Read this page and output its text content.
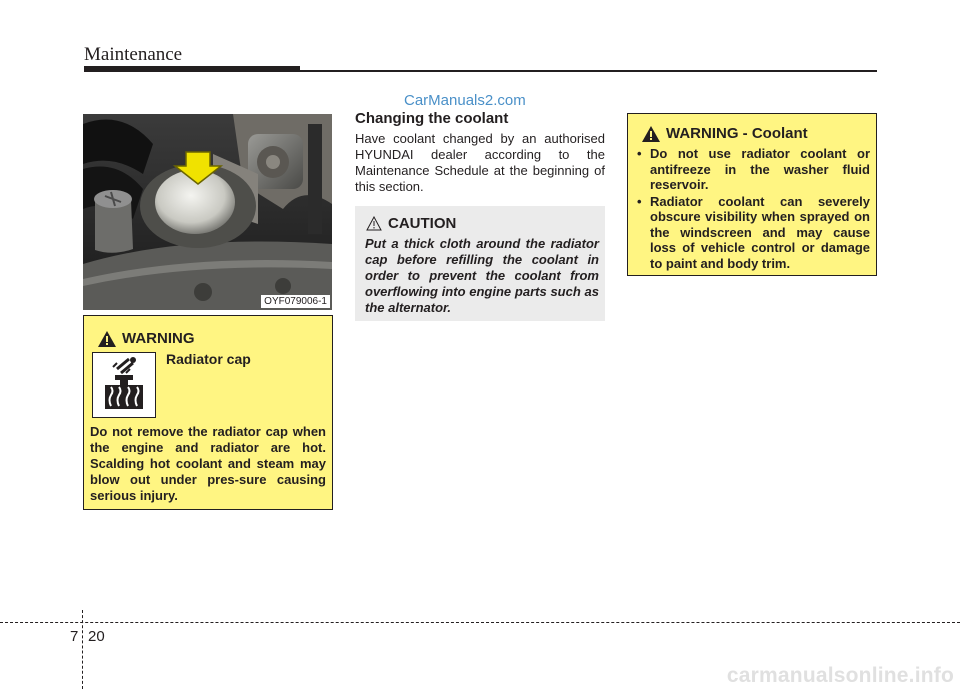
Maintenance
CarManuals2.com
OYF079006-1
WARNING
Radiator cap
Do not remove the radiator cap when the engine and radiator are hot. Scalding hot coolant and steam may blow out under pres-sure causing serious injury.
Changing the coolant
Have coolant changed by an authorised HYUNDAI dealer according to the Maintenance Schedule at the beginning of this section.
CAUTION
Put a thick cloth around the radiator cap before refilling the coolant in order to prevent the coolant from overflowing into engine parts such as the alternator.
WARNING - Coolant
• Do not use radiator coolant or antifreeze in the washer fluid reservoir.
• Radiator coolant can severely obscure visibility when sprayed on the windscreen and may cause loss of vehicle control or damage to paint and body trim.
7 20
carmanualsonline.info
